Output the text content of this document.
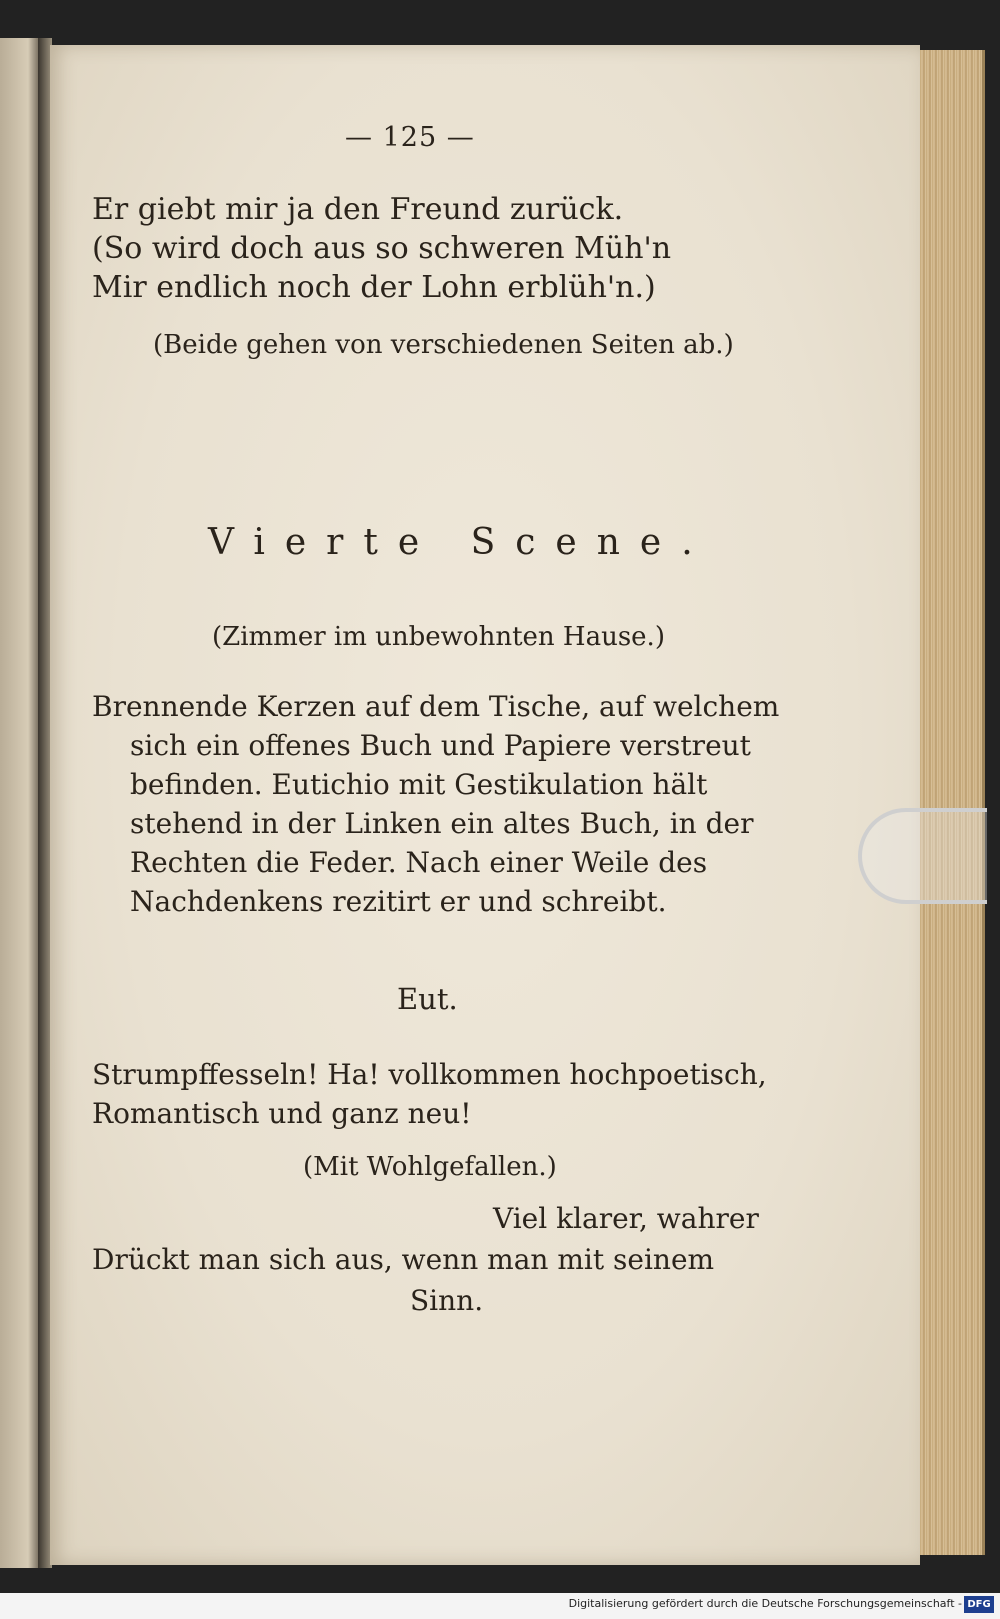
— 125 —
Er giebt mir ja den Freund zurück.
(So wird doch aus so schweren Müh'n
Mir endlich noch der Lohn erblüh'n.)
(Beide gehen von verschiedenen Seiten ab.)
Vierte Scene.
(Zimmer im unbewohnten Hause.)
Brennende Kerzen auf dem Tische, auf welchem
sich ein offenes Buch und Papiere verstreut
befinden. Eutichio mit Gestikulation hält
stehend in der Linken ein altes Buch, in der
Rechten die Feder. Nach einer Weile des
Nachdenkens rezitirt er und schreibt.
Eut.
Strumpffesseln! Ha! vollkommen hochpoetisch,
Romantisch und ganz neu!
(Mit Wohlgefallen.)
Viel klarer, wahrer
Drückt man sich aus, wenn man mit seinem
Sinn.
Digitalisierung gefördert durch die Deutsche Forschungsgemeinschaft - DFG
